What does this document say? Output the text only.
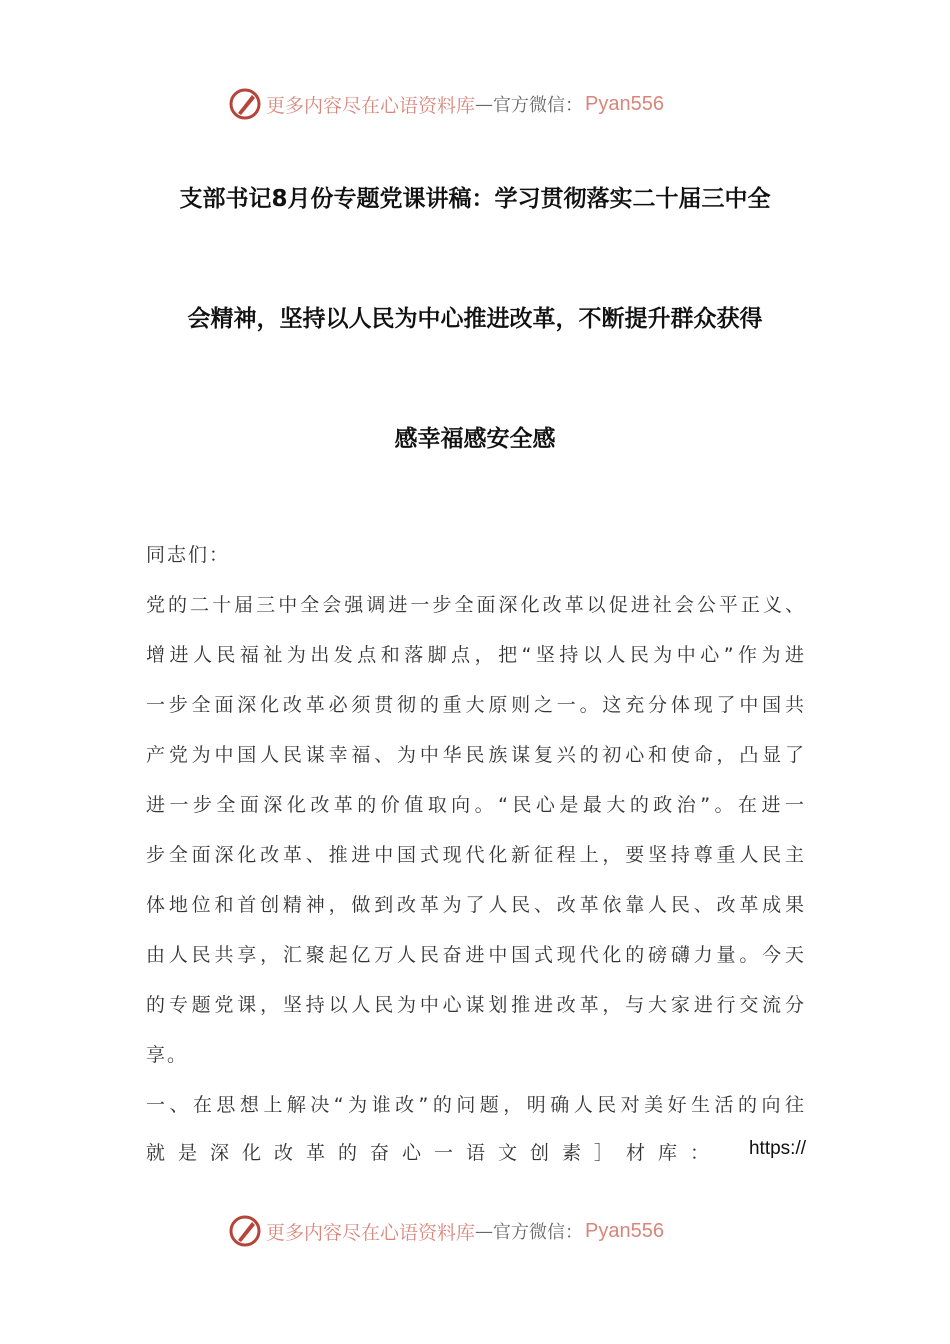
更多内容尽在心语资料库 — 官方微信： Pyan556
支部书记8月份专题党课讲稿：学习贯彻落实二十届三中全
会精神，坚持以人民为中心推进改革，不断提升群众获得
感幸福感安全感
同志们：
党的二十届三中全会强调进一步全面深化改革以促进社会公平正义、
增进人民福祉为出发点和落脚点，把“坚持以人民为中心”作为进
一步全面深化改革必须贯彻的重大原则之一。这充分体现了中国共
产党为中国人民谋幸福、为中华民族谋复兴的初心和使命，凸显了
进一步全面深化改革的价值取向。“民心是最大的政治”。在进一
步全面深化改革、推进中国式现代化新征程上，要坚持尊重人民主
体地位和首创精神，做到改革为了人民、改革依靠人民、改革成果
由人民共享，汇聚起亿万人民奋进中国式现代化的磅礴力量。今天
的专题党课，坚持以人民为中心谋划推进改革，与大家进行交流分
享。
一、在思想上解决“为谁改”的问题，明确人民对美好生活的向往
就是深化改革的奋心一语文创素］材库： https://
更多内容尽在心语资料库 — 官方微信： Pyan556
